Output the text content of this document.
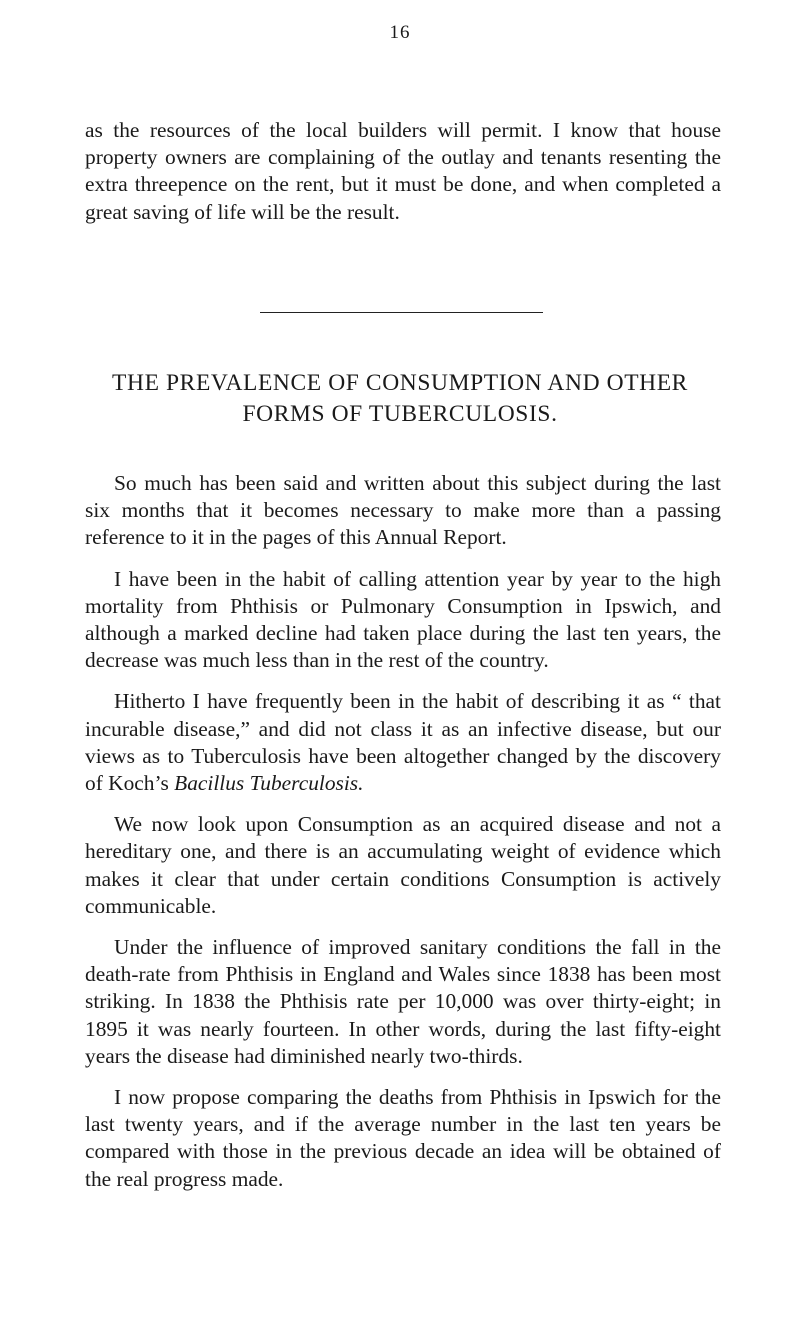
16

as the resources of the local builders will permit. I know that house property owners are complaining of the outlay and tenants resenting the extra threepence on the rent, but it must be done, and when completed a great saving of life will be the result.

THE PREVALENCE OF CONSUMPTION AND OTHER
FORMS OF TUBERCULOSIS.

So much has been said and written about this subject during the last six months that it becomes necessary to make more than a passing reference to it in the pages of this Annual Report.

I have been in the habit of calling attention year by year to the high mortality from Phthisis or Pulmonary Consumption in Ipswich, and although a marked decline had taken place during the last ten years, the decrease was much less than in the rest of the country.

Hitherto I have frequently been in the habit of describing it as “ that incurable disease,” and did not class it as an infective disease, but our views as to Tuberculosis have been altogether changed by the discovery of Koch’s Bacillus Tuberculosis.

We now look upon Consumption as an acquired disease and not a hereditary one, and there is an accumulating weight of evidence which makes it clear that under certain conditions Consumption is actively communicable.

Under the influence of improved sanitary conditions the fall in the death-rate from Phthisis in England and Wales since 1838 has been most striking. In 1838 the Phthisis rate per 10,000 was over thirty-eight; in 1895 it was nearly fourteen. In other words, during the last fifty-eight years the disease had diminished nearly two-thirds.

I now propose comparing the deaths from Phthisis in Ipswich for the last twenty years, and if the average number in the last ten years be compared with those in the previous decade an idea will be obtained of the real progress made.
